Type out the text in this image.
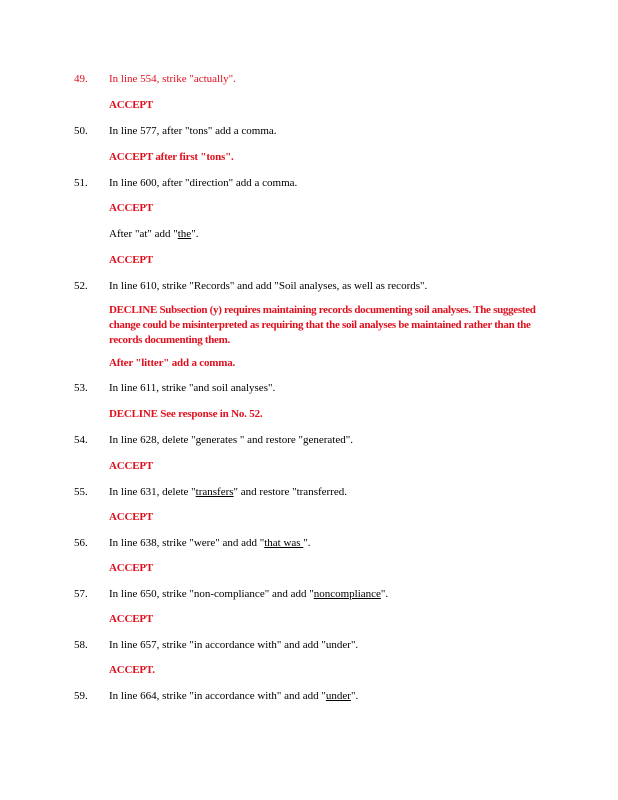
49. In line 554, strike "actually".
ACCEPT
50. In line 577, after "tons" add a comma.
ACCEPT after first "tons".
51. In line 600, after "direction" add a comma.
ACCEPT
After "at" add "the".
ACCEPT
52. In line 610, strike "Records" and add "Soil analyses, as well as records".
DECLINE Subsection (y) requires maintaining records documenting soil analyses. The suggested change could be misinterpreted as requiring that the soil analyses be maintained rather than the records documenting them.
After "litter" add a comma.
53. In line 611, strike "and soil analyses".
DECLINE See response in No. 52.
54. In line 628, delete "generates " and restore "generated".
ACCEPT
55. In line 631, delete "transfers" and restore "transferred.
ACCEPT
56. In line 638, strike "were" and add "that was ".
ACCEPT
57. In line 650, strike "non-compliance" and add "noncompliance".
ACCEPT
58. In line 657, strike "in accordance with" and add "under".
ACCEPT.
59. In line 664, strike "in accordance with" and add "under".
